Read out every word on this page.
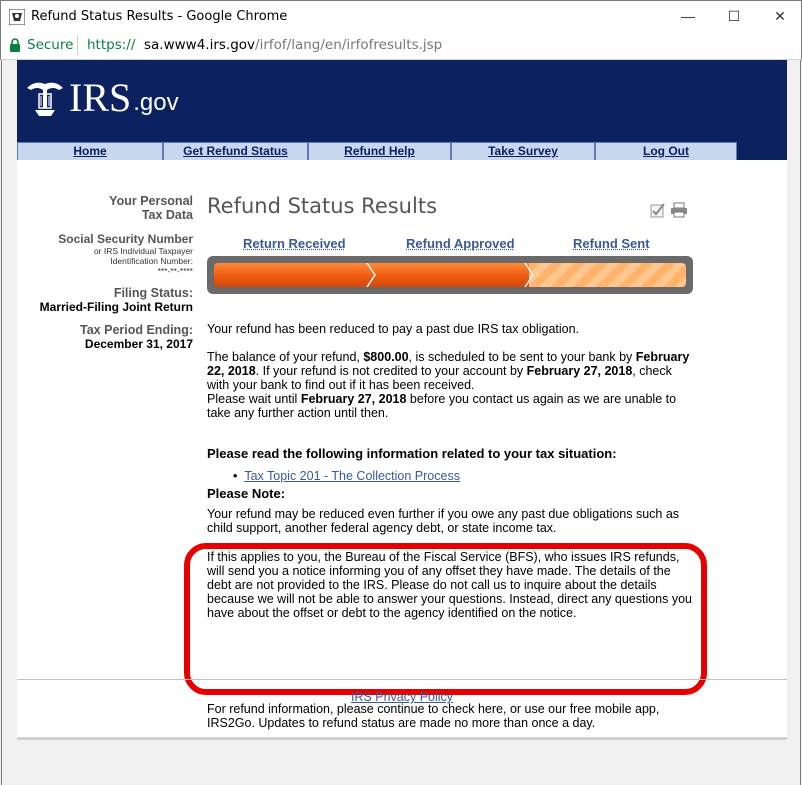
Refund Status Results - Google Chrome	— ☐ ✕
Secure https:// sa.www4.irs.gov/irfof/lang/en/irfofresults.jsp
IRS .gov
Home	Get Refund Status	Refund Help	Take Survey	Log Out
Your Personal
Tax Data
Social Security Number
or IRS Individual Taxpayer
Identification Number:
***-**-****
Filing Status:
Married-Filing Joint Return
Tax Period Ending:
December 31, 2017
Refund Status Results
Return Received	Refund Approved	Refund Sent
Your refund has been reduced to pay a past due IRS tax obligation.
The balance of your refund, $800.00, is scheduled to be sent to your bank by February 22, 2018. If your refund is not credited to your account by February 27, 2018, check with your bank to find out if it has been received.
Please wait until February 27, 2018 before you contact us again as we are unable to take any further action until then.
Please read the following information related to your tax situation:
•  Tax Topic 201 - The Collection Process
Please Note:
Your refund may be reduced even further if you owe any past due obligations such as child support, another federal agency debt, or state income tax.
If this applies to you, the Bureau of the Fiscal Service (BFS), who issues IRS refunds, will send you a notice informing you of any offset they have made. The details of the debt are not provided to the IRS. Please do not call us to inquire about the details because we will not be able to answer your questions. Instead, direct any questions you have about the offset or debt to the agency identified on the notice.
For refund information, please continue to check here, or use our free mobile app, IRS2Go. Updates to refund status are made no more than once a day.
IRS Privacy Policy
